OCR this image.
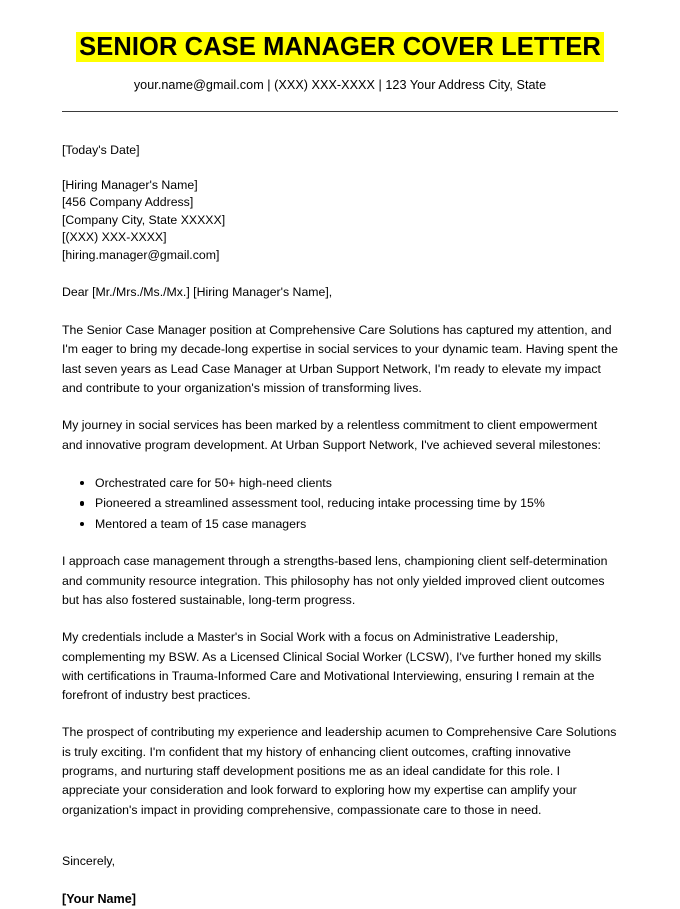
SENIOR CASE MANAGER COVER LETTER
your.name@gmail.com | (XXX) XXX-XXXX | 123 Your Address City, State
[Today's Date]
[Hiring Manager's Name]
[456 Company Address]
[Company City, State XXXXX]
[(XXX) XXX-XXXX]
[hiring.manager@gmail.com]
Dear [Mr./Mrs./Ms./Mx.] [Hiring Manager's Name],

The Senior Case Manager position at Comprehensive Care Solutions has captured my attention, and I'm eager to bring my decade-long expertise in social services to your dynamic team. Having spent the last seven years as Lead Case Manager at Urban Support Network, I'm ready to elevate my impact and contribute to your organization's mission of transforming lives.

My journey in social services has been marked by a relentless commitment to client empowerment and innovative program development. At Urban Support Network, I've achieved several milestones:

Orchestrated care for 50+ high-need clients
Pioneered a streamlined assessment tool, reducing intake processing time by 15%
Mentored a team of 15 case managers

I approach case management through a strengths-based lens, championing client self-determination and community resource integration. This philosophy has not only yielded improved client outcomes but has also fostered sustainable, long-term progress.

My credentials include a Master's in Social Work with a focus on Administrative Leadership, complementing my BSW. As a Licensed Clinical Social Worker (LCSW), I've further honed my skills with certifications in Trauma-Informed Care and Motivational Interviewing, ensuring I remain at the forefront of industry best practices.

The prospect of contributing my experience and leadership acumen to Comprehensive Care Solutions is truly exciting. I'm confident that my history of enhancing client outcomes, crafting innovative programs, and nurturing staff development positions me as an ideal candidate for this role. I appreciate your consideration and look forward to exploring how my expertise can amplify your organization's impact in providing comprehensive, compassionate care to those in need.

Sincerely,
[Your Name]
